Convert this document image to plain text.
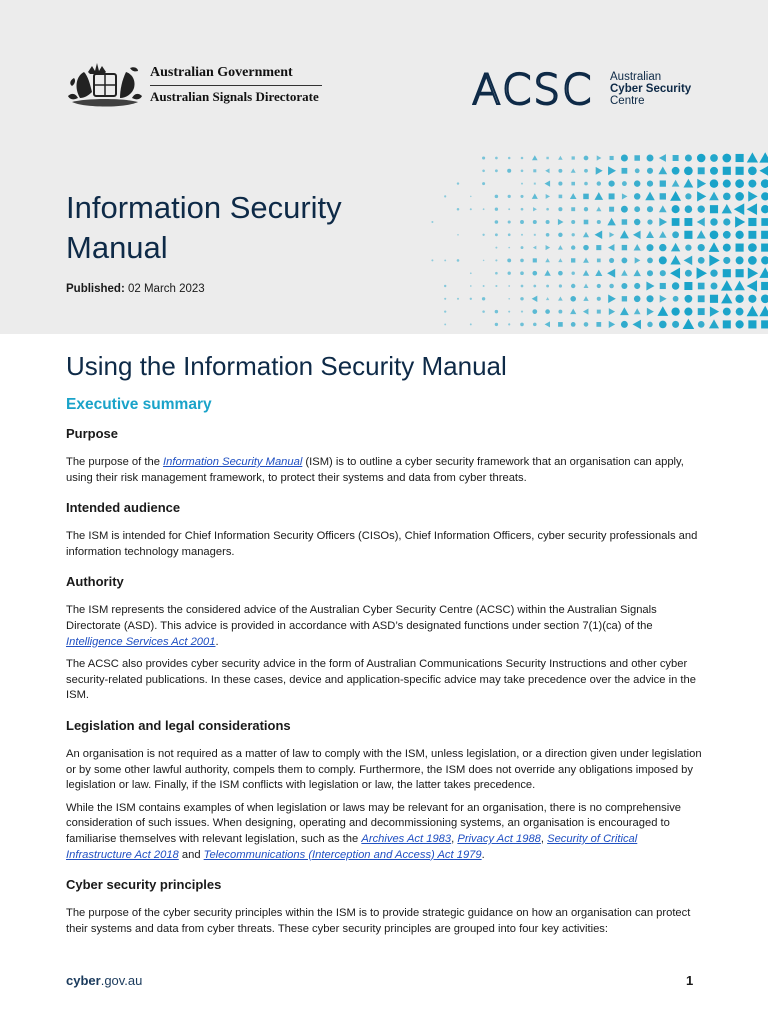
Australian Government
Australian Signals Directorate	ACSC Australian
Cyber Security
Centre
Information Security Manual
Published: 02 March 2023
Using the Information Security Manual
Executive summary
Purpose

The purpose of the Information Security Manual (ISM) is to outline a cyber security framework that an organisation can apply, using their risk management framework, to protect their systems and data from cyber threats.

Intended audience

The ISM is intended for Chief Information Security Officers (CISOs), Chief Information Officers, cyber security professionals and information technology managers.

Authority

The ISM represents the considered advice of the Australian Cyber Security Centre (ACSC) within the Australian Signals Directorate (ASD). This advice is provided in accordance with ASD’s designated functions under section 7(1)(ca) of the Intelligence Services Act 2001.

The ACSC also provides cyber security advice in the form of Australian Communications Security Instructions and other cyber security-related publications. In these cases, device and application-specific advice may take precedence over the advice in the ISM.

Legislation and legal considerations

An organisation is not required as a matter of law to comply with the ISM, unless legislation, or a direction given under legislation or by some other lawful authority, compels them to comply. Furthermore, the ISM does not override any obligations imposed by legislation or law. Finally, if the ISM conflicts with legislation or law, the latter takes precedence.

While the ISM contains examples of when legislation or laws may be relevant for an organisation, there is no comprehensive consideration of such issues. When designing, operating and decommissioning systems, an organisation is encouraged to familiarise themselves with relevant legislation, such as the Archives Act 1983, Privacy Act 1988, Security of Critical Infrastructure Act 2018 and Telecommunications (Interception and Access) Act 1979.

Cyber security principles

The purpose of the cyber security principles within the ISM is to provide strategic guidance on how an organisation can protect their systems and data from cyber threats. These cyber security principles are grouped into four key activities:

cyber.gov.au	1
